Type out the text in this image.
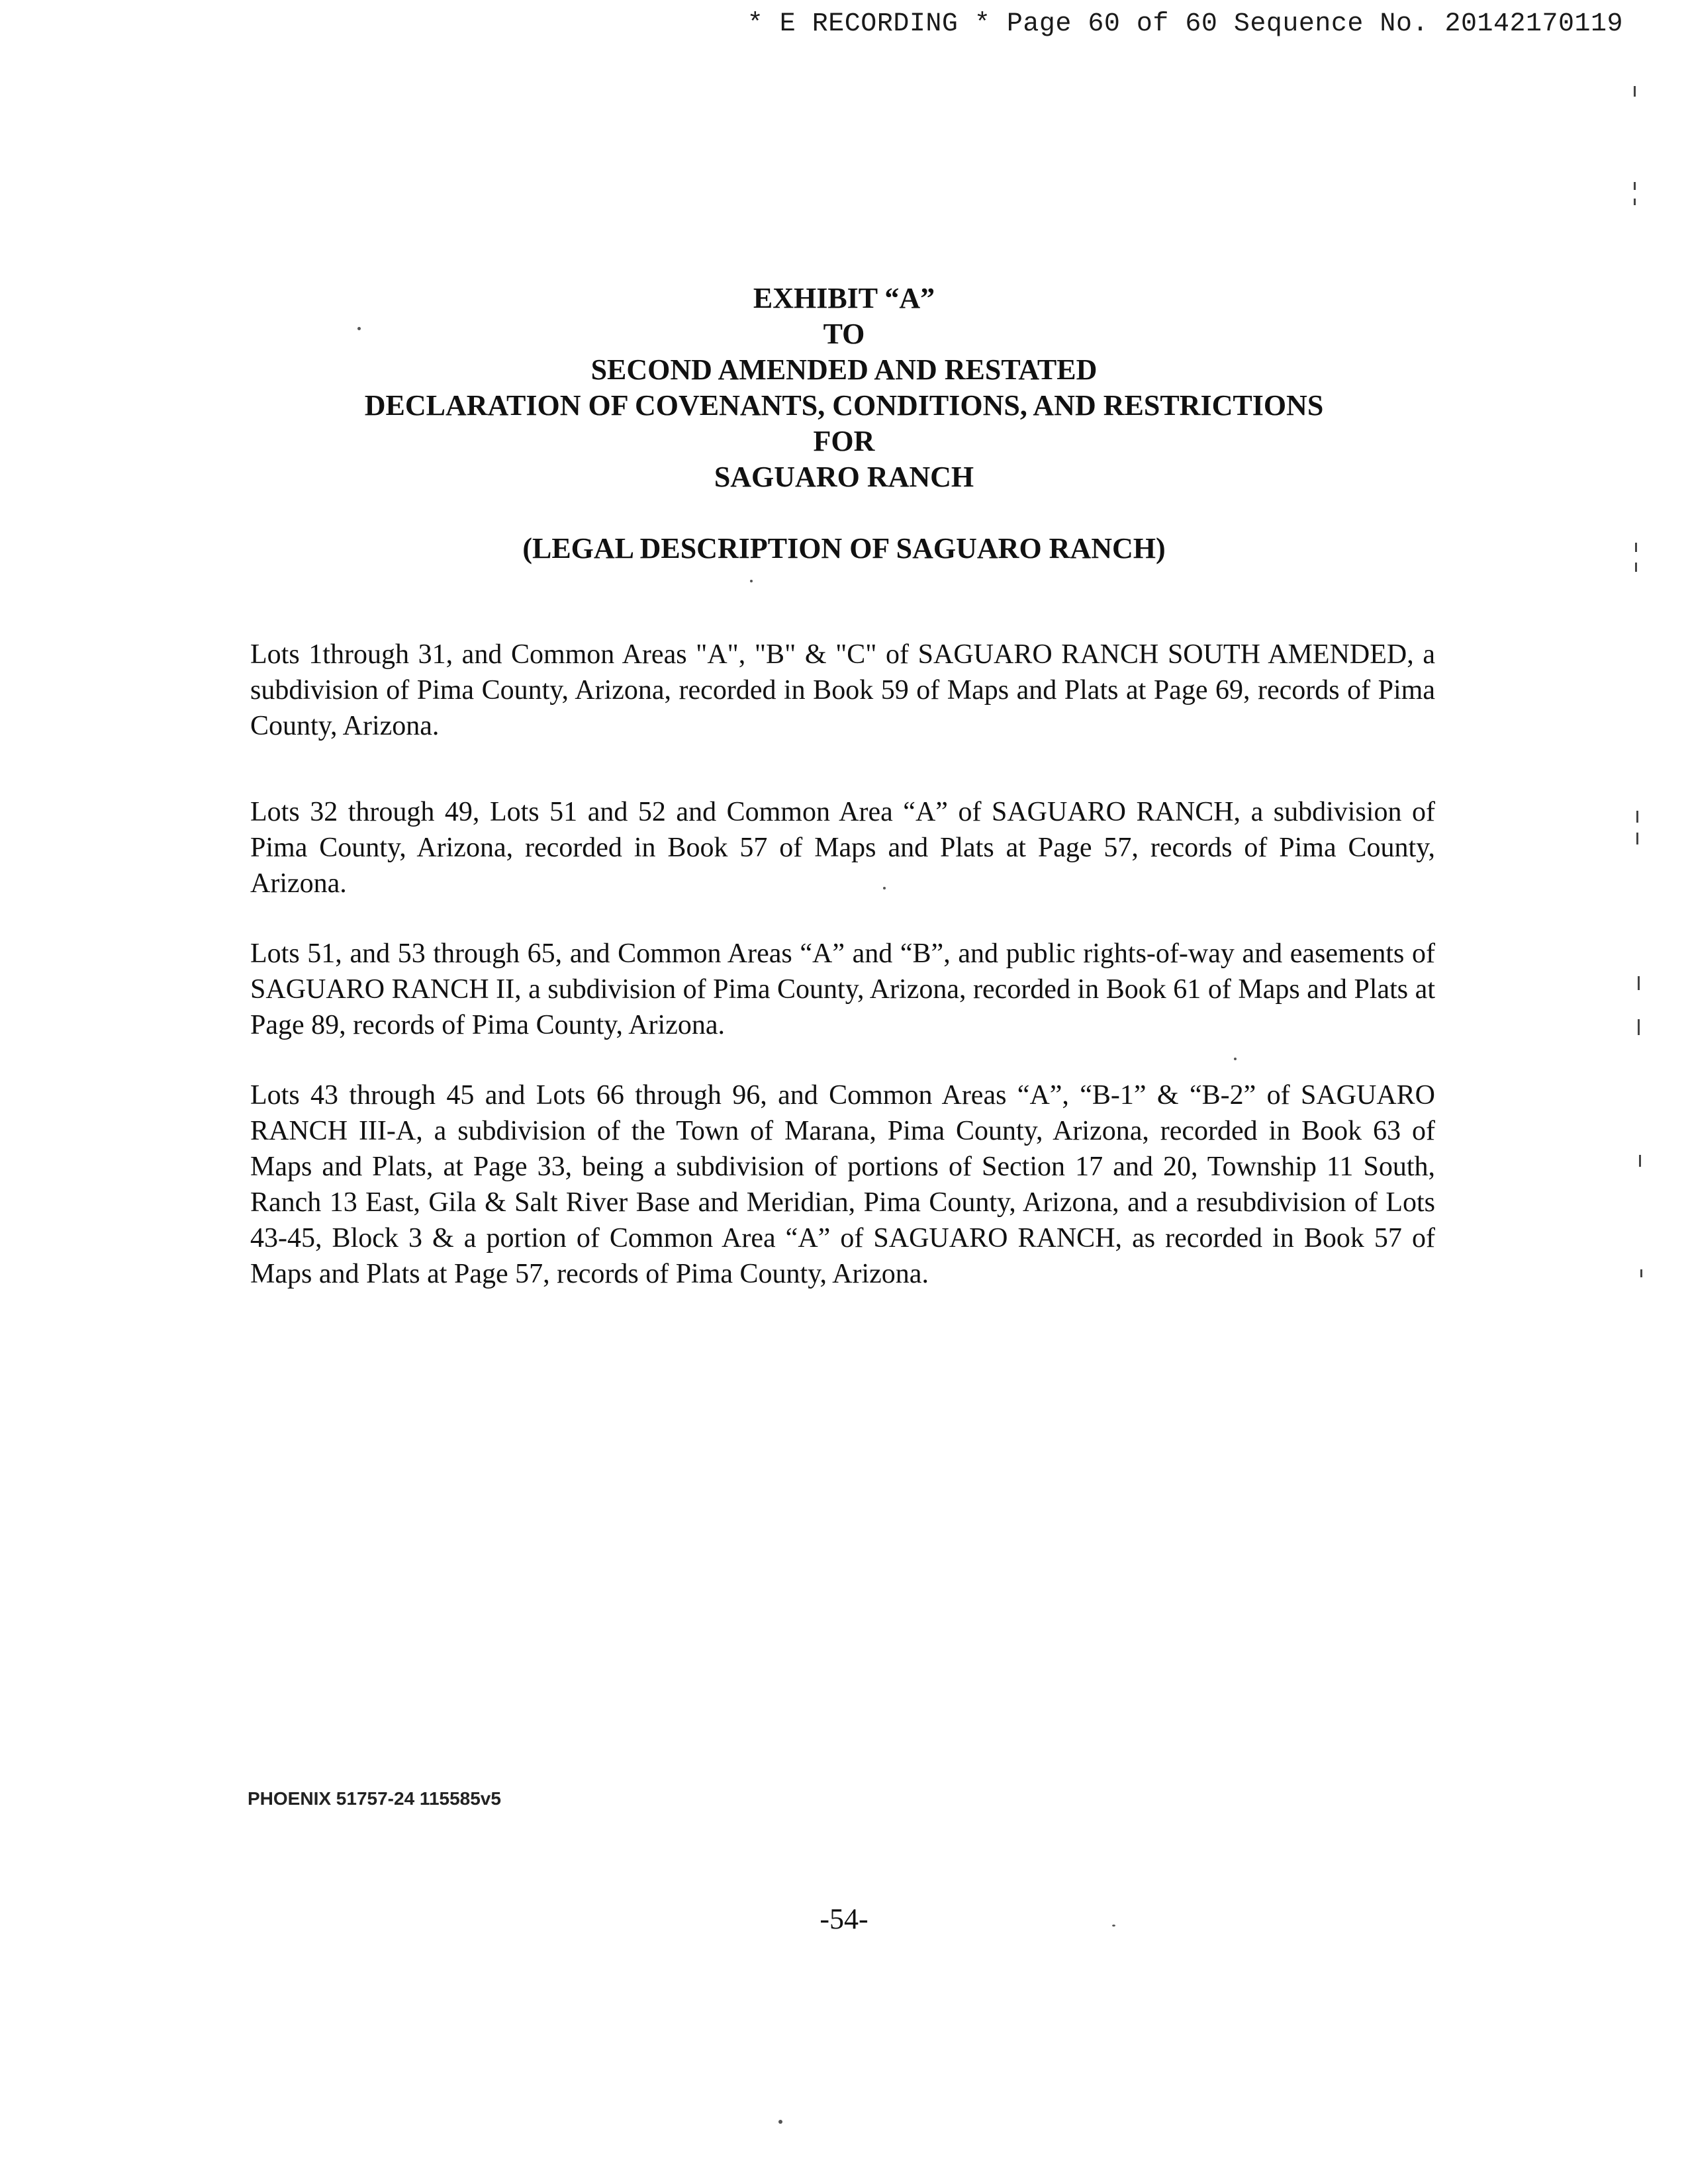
* E RECORDING * Page 60 of 60 Sequence No. 20142170119
EXHIBIT “A”
TO
SECOND AMENDED AND RESTATED
DECLARATION OF COVENANTS, CONDITIONS, AND RESTRICTIONS
FOR
SAGUARO RANCH
(LEGAL DESCRIPTION OF SAGUARO RANCH)

Lots 1through 31, and Common Areas "A", "B" & "C" of SAGUARO RANCH SOUTH AMENDED, a subdivision of Pima County, Arizona, recorded in Book 59 of Maps and Plats at Page 69, records of Pima County, Arizona.

Lots 32 through 49, Lots 51 and 52 and Common Area “A” of SAGUARO RANCH, a subdivision of Pima County, Arizona, recorded in Book 57 of Maps and Plats at Page 57, records of Pima County, Arizona.

Lots 51, and 53 through 65, and Common Areas “A” and “B”, and public rights-of-way and easements of SAGUARO RANCH II, a subdivision of Pima County, Arizona, recorded in Book 61 of Maps and Plats at Page 89, records of Pima County, Arizona.

Lots 43 through 45 and Lots 66 through 96, and Common Areas “A”, “B-1” & “B-2” of SAGUARO RANCH III-A, a subdivision of the Town of Marana, Pima County, Arizona, recorded in Book 63 of Maps and Plats, at Page 33, being a subdivision of portions of Section 17 and 20, Township 11 South, Ranch 13 East, Gila & Salt River Base and Meridian, Pima County, Arizona, and a resubdivision of Lots 43-45, Block 3 & a portion of Common Area “A” of SAGUARO RANCH, as recorded in Book 57 of Maps and Plats at Page 57, records of Pima County, Arizona.

PHOENIX 51757-24 115585v5
-54-
